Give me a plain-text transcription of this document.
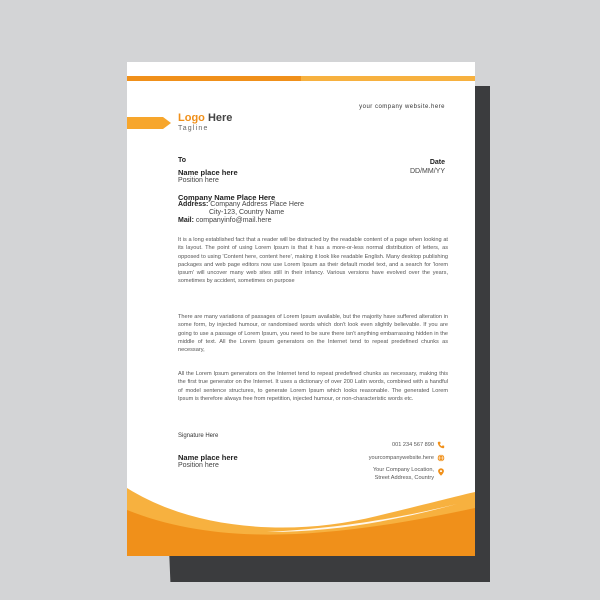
your company website.here
Logo Here
Tagline
To	Date
DD/MM/YY
Name place here
Position here
Company Name Place Here
Address: Company Address Place Here
City-123, Country Name
Mail: companyinfo@mail.here

It is a long established fact that a reader will be distracted by the readable content of a page when looking at its layout. The point of using Lorem Ipsum is that it has a more-or-less normal distribution of letters, as opposed to using 'Content here, content here', making it look like readable English. Many desktop publishing packages and web page editors now use Lorem Ipsum as their default model text, and a search for 'lorem ipsum' will uncover many web sites still in their infancy. Various versions have evolved over the years, sometimes by accident, sometimes on purpose

There are many variations of passages of Lorem Ipsum available, but the majority have suffered alteration in some form, by injected humour, or randomised words which don't look even slightly believable. If you are going to use a passage of Lorem Ipsum, you need to be sure there isn't anything embarrassing hidden in the middle of text. All the Lorem Ipsum generators on the Internet tend to repeat predefined chunks as necessary,

All the Lorem Ipsum generators on the Internet tend to repeat predefined chunks as necessary, making this the first true generator on the Internet. It uses a dictionary of over 200 Latin words, combined with a handful of model sentence structures, to generate Lorem Ipsum which looks reasonable. The generated Lorem Ipsum is therefore always free from repetition, injected humour, or non-characteristic words etc.

Signature Here
Name place here
Position here
001 234 567 890
yourcompanywebsite.here
Your Company Location,
Street Address, Country
